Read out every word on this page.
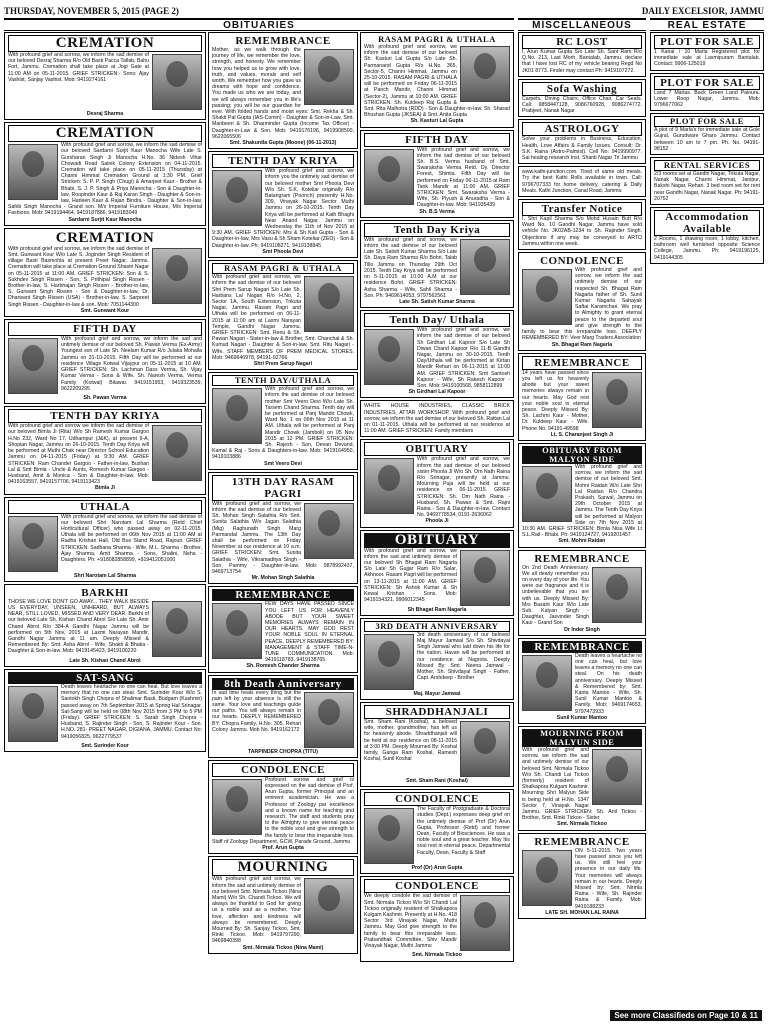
THURSDAY, NOVEMBER 5, 2015 (PAGE 2)	DAILY EXCELSIOR, JAMMU
OBITUARIES	MISCELLANEOUS	REAL ESTATE
CREMATION
With profound grief and sorrow, we inform the sad demise of our beloved Desraj Sharma R/o Old Basti Pacca Tallab, Bahu Fort, Jammu. Cremation shall take place at Jogi Gate at 11:00 AM on 05-11-2015. GRIEF STRICKEN:- Sons: Ajay Vashist, Sanjay Vashist. Mob: 9419274161
Desraj Sharma
CREMATION
With profound grief and sorrow, we inform the sad demise of our beloved Sardarni Surjit Kaur Manocha Wife Late S. Gursharan Singh Ji Manocha H.No. 36 Nidesh Vihar Chowadi Road Sainik Colony Extension on 04-11-2015. Cremation will take place on 05-11-2015 (Thursday) at Channi Himmat Cremation Ground at 1:30 PM. Grief Stricken: S. P. P. Singh (Chugi) & Amarjeet Kaur - Brother & Bhabi, S. J. P. Singh & Priya Manocha - Son & Daughter-in-law, Roopinder Kaur & Raj Karan Singh - Daughter & Son-in-law, Harleen Kaur & Rajan Bindra - Daughter & Son-in-law, Sahib Singh Manocha - Grand son. M/s Imperial Furniture House, M/s Imperial Fashions. Mob: 9419194464, 9419187886, 9419183049
Sardarni Surjit Kaur Manocha
CREMATION
With profound grief and sorrow, we inform the sad demise of Smt. Gunwant Kour W/o Late S. Joginder Singh Resident of village Basti Basmohla at present Preet Nagar, Jammu. Cremation will take place at Cremation Ground Shastri Nagar on 05-11-2015 at 11:00 AM. GRIEF STRICKEN: Son & S. Sukhdev Singh Rissen - Son, S. Prithipal Singh Rissen - Brother-in-law, S. Harbhajan Singh Rissen - Brother-in-law, S. Gurwant Singh Rissen - Son & Daughter-in-law, Dr. Dharwant Singh Rissen (USA) - Brother-in-law, S. Sarpreet Singh Rissen - Daughter-in-law & son. Mob: 7051144300
Smt. Gunwant Kour
FIFTH DAY
With profound grief and sorrow, we inform the sad and untimely demise of our beloved Sh. Pawan Verma (Ex-Army) Youngest son of Late Sh. Neelam Kumar R/o Julaka Mohalla Jammu on 31-10-2015. Fifth Day will be performed at our residence Village Kotwal Vijaypur on 05-11-2015 at 10 AM. GRIEF STRICKEN: Sh. Lachman Dass Verma, Sh. Vijay Kumar Verma - Sons & Wife, Sh. Naresh Verma. Verma Family (Kotwal) Bilawar. 9419151953, 9419323539, 9622209295
Sh. Pawan Verma
TENTH DAY KRIYA
With profound grief and sorrow we inform the sad demise of our beloved Bimla Ji (Rita) W/o Sh Ramesh Kumar Gargoo H.No 232, Ward No 17, Udhampur (J&K), at present 9-A, Shopian Nagar, Jammu on 26-10-2015. Tenth Day Kriya will be performed at Muthi Chak near Director School Education Jammu on 04-11-2015 (Friday) at 9:30 AM. GRIEF STRICKEN: Ram Chander Gargoo - Father-in-law, Bushan Lal & Smt Bimla - Uncle & Aunts, Romesh Kumar Gargoo - Husband, Amit & Monica - Son & Daughter-in-law. Mob: 9419163557, 9419157706, 9419113423
Bimla Ji
UTHALA
With profound grief and sorrow, we inform the sad demise of our beloved Shri Narotam Lal Sharma (Retd Chief Horticultural Officer) who passed away on 02-11-2015. Uthala will be performed on 06th Nov 2015 at 11:00 AM at Radha Krishan Hall, Old Bus Stand Road, Rajouri. GRIEF STRICKEN: Sadhana Sharma - Wife, M.L. Sharma - Brother, Ajay Sharma, Amit Sharma - Sons, Shalini, Neha - Daughters. Ph: +918082858899, +919412051000
Shri Narotam Lal Sharma
BARKHI
THOSE WE LOVE DON'T GO AWAY... THEY WALK BESIDE US EVERYDAY, UNSEEN, UNHEARD, BUT ALWAYS NEAR, STILL LOVED, MISSED AND VERY DEAR. Barkhi of our beloved Late Sh. Kishan Chand Abrol S/o Late Sh. Amir Chand Abrol R/o 384-A Gandhi Nagar Jammu will be performed on 5th Nov, 2015 at Laxmi Narayan Mandir, Gandhi Nagar Jammu at 11 am. Deeply Missed & Remembered By: Smt. Asha Abrol - Wife, Shakti & Bhatia - Daughter & Son-in-law. Mob: 9419145423, 9419100220
Late Sh. Kishan Chand Abrol
SAT-SANG
Death leaves heartache no one can heal, But love leaves a memory that no one can steal. Smt. Surinder Kour W/o S. Santokh Singh Chopra of Shalimar Basti, Budgam (Kashmir) passed away on 7th September 2015 at Spring Hal Srinagar. Sat-Sang will be held on 08th Nov 2015 from 3 PM to 5 PM (Friday). GRIEF STRICKEN: S. Sarab Singh Chopra - Husband, S. Rajinder Singh - Son, S. Rajinder Kour - Son. H.NO. 281- PREET NAGAR, DIGIANA, JAMMU. Contact No: 9419056825, 9622779537
Smt. Surinder Kour
REMEMBRANCE
Mother, as we walk through the journey of life, we remember the love, strength, and honesty. We remember how you helped us to grow with love, truth, and values, morals and self worth. We remember how you gave us dreams with hope and confidence. You made us who we are today, and we will always remember you in life's passing; you will be our guardian for ever. With folded hands and moist eyes: Smt. Rekha & Sh. Shakti Pal Gupta (IAS-Comm) - Daughter & Son-in-Law, Smt. Manbeeri & Sh. Dharminder Gupta (Income Tax Officer) - Daughter-in-Law & Son. Mob: 9419176196, 9419908500, 9622065506
Smt. Shakuntla Gupta (Moone) (06-11-2013)
TENTH DAY KRIYA
With profound grief and sorrow, we inform you the untimely sad demise of our beloved mother Smt Phoola Devi W/o Sh. S.K. Koteliar originally R/o Batangram (Poonch) presently H.No. 309, Vinayak Nagar Sector Muthi Jammu on 26-10-2015. Tenth Day Kriya will be performed at Kath Bhaghi Near Anand Nagar, Jammu on Wednesday the 11th of Nov 2015 at 9:30 AM. GRIEF STRICKEN: Mrs & Sh Kali Gupta - Son & Daughter-in-law, Mrs Vasu & Sh Sham Koteliar (ZEO) - Son & Daughter-in-law. Ph: 9419108271, 9419138845
Smt Phoola Devi
RASAM PAGRI & UTHALA
With profound grief and sorrow, we inform the sad demise of our beloved Shri Prem Sarup Nagari S/o Late Sh. Harbans Lal Nagari R/o H.No. 2, Sector 1A, South Extension, Trikuta Nagar, Jammu. Rasam Pagri and Uthala will be performed on 06-11-2015 at 11:00 am at Laxmi Narayan Temple, Gandhi Nagar Jammu. GRIEF STRICKEN: Smt. Renu & Sh. Pawan Nagari - Sister-in-law & Brother, Smt. Chanchal & Sh. Kumud Nagari - Daughter & Son-in-law, Smt. Ritu Nagari - Wife. STAFF MEMBERS OF PREM MEDICAL STORES. Mob: 9469646978, 94191-92766
Shri Prem Sarup Nagari
TENTH DAY/UTHALA
With profound grief and sorrow, we inform the sad demise of our beloved mother Smt Veero Devi W/o Late Sh. Tarsem Chand Sharma. Tenth day will be performed at Panj Mandir Chowk, Ward No. 1 on 06th Nov 2015 at 11 AM. Uthala will be performed at Panj Mandir Chowk (Jamboli) on 05 Nov 2015 at 12 PM. GRIEF STRICKEN: Sh. Rajesh - Son, Devan Devand, Kamal & Raj - Sons & Daughters-in-law. Mob: 9419164950, 9419103886
Smt Veero Devi
13TH DAY RASAM PAGRI
With profound grief and sorrow, we inform the sad demise of our beloved Sh. Mohan Singh Salathia R/o Smt. Sunita Salathia W/o Jagan Salathia (Mig) Raghunath Singh Marg Parmandal Jammu. The 13th Day shall be performed on Friday November at our residence at 10 a.m. GRIEF STRICKEN: Smt. Sunita Salathia - Wife, Vikramaditya Singh - Son, Pammy - Daughter-in-law. Mob: 9878992437, 9469713754
Mr. Mohan Singh Salathia
REMEMBRANCE
FEW DAYS HAVE PASSED SINCE YOU LEFT US FOR HEAVENLY ABODE BUT YOUR SWEET MEMORIES ALWAYS REMAIN IN OUR HEARTS. MAY GOD REST YOUR NOBLE SOUL IN ETERNAL PEACE. DEEPLY REMEMBERED BY: MANAGEMENT & STAFF TIME-N-TUNE COMMUNICATION. Mob: 9419118783, 9419138765
Sh. Romesh Chander Sharma
8th Death Anniversary
In sad time heals every thing but the pain left by your absence is still the same. Your love and teachings guide our paths. You will always remain in our hearts. DEEPLY REMEMBERED BY: Chopra Family, H.No. 305, Rehari Colony Jammu. Mob No. 9419162172
TARPINDER CHOPRA (TITU)
CONDOLENCE
Profound sorrow and grief is expressed on the sad demise of Prof. Arun Gupta, former Principal and an eminent academician. He was a Professor of Zoology par excellence and a known name for teaching and research. The staff and students pray to the Almighty to give eternal peace to the noble soul and give strength to the family to bear this irreparable loss. Staff of Zoology Department, GCW, Parade Ground, Jammu
Prof. Arun Gupta
MOURNING
With profound grief and sorrow, we inform the sad and untimely demise of our beloved Smt. Nirmala Tickoo (Nina Mami) W/o Sh. Chandi Tickoo. We will always be thankful to God for giving us a noble soul as a mother. Your love, affection and kindness will always be remembered. Deeply Mourned By: Sh. Sanjay Tickoo, Smt. Rinki Tickoo. Mob: 9419797290, 9469840398
Smt. Nirmala Tickoo (Nina Mami)
RASAM PAGRI & UTHALA
With profound grief and sorrow, we inform the sad demise of our beloved Sh. Kasturi Lal Gupta S/o Late Sh. Parmanand Gupta R/o H.No. 365, Sector-5, Channi Himmat, Jammu on 25-10-2015. RASAM PAGRI & UTHALA will be performed on Friday 06-11-2015 at Panch Mandir, Channi Himmat (Sector-2), Jammu at 10:00 AM. GRIEF STRICKEN: Sh. Kuldeep Raj Gupta & Smt. Rita Malhotra (RDD) - Son & Daughter-in-law. Sh. Sharad Bhushan Gupta (JKSEA) & Smt. Anita Gupta
Sh. Kasturi Lal Gupta
FIFTH DAY
With profound grief and sorrow, we inform the sad demise of our beloved Sh. B.S. Verma husband of Smt. Swaraksha Verma Retd. Dy. Director Forest, Shimla. Fifth Day will be performed on Friday 06-11-2015 at Ram Tank Mandir at 11:00 AM. GRIEF STRICKEN: Smt. Swaraksha Verma - Wife, Sh. Piyush & Anuradha - Son & Daughter-in-law. Mob: 941935439
Sh. B.S Verma
Tenth Day Kriya
With profound grief and sorrow, we inform the sad demise of our beloved Late Sh. Satish Kumar Sharma S/o Late Sh. Daya Ram Sharma R/o Bohri, Talab Tillo Jammu on Thursday 29th Oct 2015. Tenth Day Kriya will be performed on 5-11-2015 at 10.00 A.M at our residence Bohri. GRIEF STRICKEN: Asha Sharma - Wife, Sahil Sharma - Son. Ph: 9469614053, 9797562561
Late Sh. Satish Kumar Sharma
Tenth Day/ Uthala
With profound grief and sorrow, we inform the sad demise of our beloved Sh Girdhari Lal Kapoor S/o Late Sh Diwan Chand Kapoor R/o 11-B Gandhi Nagar, Jammu on 30-10-2015. Tenth Day/Uthala will be performed at Kirtan Mandir Rehari on 06-11-2015 at 11:00 AM. GRIEF STRICKEN: Smt Santosh Kapoor - Wife, Sh Rakesh Kapoor - Son. Mob: 9419100568, 9858112899
Sh Girdhari Lal Kapoor
WHITE HOUSE INDUSTRIES, CLASSIC BRICK INDUSTRIES, ATTAR WORKSHOP. With profound grief and sorrow, we inform the sad demise of our beloved Sh. Rattan Lal on 01-11-2015. Uthala will be performed at our residence at 11:00 AM. GRIEF STRICKEN: Family members
OBITUARY
With profound grief and sorrow, we inform the sad demise of our beloved sister Phoola Ji W/o Sh. Om Nath Raina R/o Srinagar, presently at Jammu. Mourning Puja will be held at our residence on 06-11-2015. GRIEF STRICKEN: Sh. Om Nath Raina - Husband, Sh. Pawan & Smt. Rajni Raina - Son & Daughter-in-law. Contact No. 9469778534, 0191-2636062
Phoola Ji
OBITUARY
With profound grief and sorrow, we inform the sad and untimely demise of our beloved Sh Bhagat Ram Nagarla S/o Late Sh Gujjar Ram R/o Salar, Akhnoor. Rasam Pagri will be performed on 13-11-2015 at 11:00 AM. GRIEF STRICKEN: Sh Ashok Kumar & Sh Kewal Krishan - Sons. Mob: 9419154321, 9906012345
Sh Bhagat Ram Nagarla
3RD DEATH ANNIVERSARY
3rd death anniversary of our beloved Maj Mayur Jamwal S/o Sh. Shivdayal Singh Jamwal who laid down his life for the nation. Havan will be performed at our residence at Nagrota. Deeply Missed By: Smt. Neena Jamwal - Mother, Sh. Shivdayal Singh - Father, Capt. Arshdeep - Brother
Maj. Mayur Jamwal
SHRADDHANJALI
Smt. Sham Rani (Koshal), a beloved wife, mother, grandmother, has left us for heavenly abode. Shraddhanjali will be held at our residence on 08-11-2015 at 3:00 PM. Deeply Mourned By: Koshal family, Ganga Ram Koshal, Ramesh Koshal, Sunil Koshal
Smt. Sham Rani (Koshal)
CONDOLENCE
The Faculty of Postgraduate & Doctoral studies (Dept.) expresses deep grief on the untimely demise of Prof (Dr) Arun Gupta, Professor (Retd) and former Dean, Faculty of Biosciences. He was a noble soul and a great teacher. May his soul rest in eternal peace. Departmental Faculty, Dean, Faculty & Staff
Prof (Dr) Arun Gupta
CONDOLENCE
We deeply condole the sad demise of Smt. Nirmala Tickoo W/o Sh Chandi Lal Tickoo originally resident of Shalkapora Kulgam Kashmir. Presently at H.No. 418 Sector 3rd Vinayak Nagar, Muthi Jammu. May God give strength to the family to bear this irreparable loss. Prabandhak Committee, Shiv Mandir Vinayak Nagar, Muthi Jammu
Smt. Nirmala Tickoo
RC LOST
I, Arun Kumar Gupta S/o Late Sh. Sant Ram R/o Q.No. 213, Last Morh, Bantalab, Jammu, declare that I have lost RC of my vehicle bearing Regd No JK01 8773. Finder may contact Ph: 9419107272.
Sofa Washing
Carpets, Dining Chairs, Office Chair, Car Seats. Call: 9858447128, 9086760928, 9086274772. Prabjeet, Nanak Nagar
ASTROLOGY
Solve your problems in Business, Education, Health, Love Affairs & Family Issues. Consult: Dr. S.K. Raina (Astro-Palmist). Cell No: 9419990977. Sai healing research Inst. Shanti Nagar Tri Jammu
www.kathi-junction.com. Tired of same old meals. Try the best Kathi Rolls available in town. Call: 9796707333 for home delivery, catering & Daily Meals. Kathi Junction, Canal Road, Jammu
Transfer Notice
I, Shri Kapil Sharma S/o Mohd Husain Butt R/o Ward No. 10 Gandhi Nagar, Jammu have sold vehicle No. JK02AB-1234 to Sh. Rajinder Singh. Objections if any may be conveyed to ARTO Jammu within one week.
CONDOLENCE
With profound grief and sorrow, we inform the sad untimely demise of our respected Sh. Bhagat Ram Nagarla father of Sh. Sunil Kumar Nagarla Sahayak Saftai Karamchari. We pray to Almighty to grant eternal peace to the departed soul and give strength to the family to bear this irreparable loss. DEEPLY REMEMBERED BY: Veer Marg Traders Association
Sh. Bhagat Ram Nagarla
REMEMBRANCE
14 years have passed since you left us for heavenly abode but your sweet memories always remain in our hearts. May God rest your noble soul in eternal peace. Deeply Missed By: Sh. Lachmi Kaur - Mother, Dr. Kuldeep Kaur - Wife. Phone No. 94191-49598
Lt. S. Charanjeet Singh Ji
OBITUARY FROM MALYON SIDE
With profound grief and sorrow, we inform the sad demise of our beloved Smt. Mohni Raidan W/o Late Shri Lal Raidan R/o Chandra Prakash, Sarwal, Jammu on 29th October 2015 at Jammu. The Tenth Day Kriya will be performed at Malyon Side on 7th Nov 2015 at 10:30 AM. GRIEF STRICKEN: Bimla Nisa Wife Lt S.L.Rail - Bhabi. Ph: 9419124727, 9419201457
Smt. Mohni Raidan
REMEMBRANCE
On 2nd Death Anniversary. We all dearly remember you on every day of your life. You were our fragrance and it is unbelievable that you are with us. Deeply Missed By: Mrs Basant Kaur W/o Late Sub. Kalyan Singh - Daughter, Jasvinder Singh Kaur - Grand Son
Dr Inder Singh
REMEMBRANCE
Death leaves a heartache no one can heal, but love leaves a memory no one can steal. On his death anniversary. Deeply Missed & Remembered by: Smt. Kanta Mantoo - Wife, Sh. Sunil Kumar Mantoo & Family. Mob: 9469174653, 9797473933
Sunil Kumar Mantoo
MOURNING FROM MALYUN SIDE
With profound grief and sorrow, we inform the sad and untimely demise of our beloved Smt. Nirmala Tickoo W/o Sh. Chandi Lal Tickoo (formerly) resident of Shalkapora Kulgam Kashmir. Mourning Shri Malyun Side is being held at H.No. 1347 Sector 7, Vinayak Nagar Jammu. GRIEF STRICKEN: Sh. Anil Tickoo - Brother, Smt. Rinki Tickoo - Sister
Smt. Nirmala Tickoo
REMEMBRANCE
ON 5-11-2015. Two years have passed since you left us. We still feel your presence in our daily life. Your memories will always remain in our hearts. Deeply Missed by: Smt. Nirmla Raina - Wife, Sh. Rajinder Raina & Family. Mob: 9419188233
LATE SH. MOHAN LAL RAINA
PLOT FOR SALE
1 Kanal / 10 Marla Registered plot for immediate sale at Laxmipuram Bantalab. Contact: 9906-125019
PLOT FOR SALE
Land 7 Marlas. Back Green Land Paloura. Lower Roop Nagar, Jammu. Mob: 9796677062
PLOT FOR SALE
A plot of 9 Marla's for immediate sale at Gole Gujral, Gurudware Gharo Jammu. Contact between 10 am to 7 pm. Ph. No. 94191-98152
RENTAL SERVICES
2/3 rooms set at Gandhi Nagar, Trikuta Nagar, Nanak Nagar, Channi Himmat, Janipur, Bakshi Nagar, Rehari. 3 bed room set for rent near Gandhi Nagar, Nanak Nagar. Ph: 94191-20752
Accommodation Available
2 Rooms, 1 drawing room, 1 lobby, kitchen, bathroom well furnished opposite Science College, Jammu. Ph: 9419196125, 9419144305
See more Classifieds on Page 10 & 11
